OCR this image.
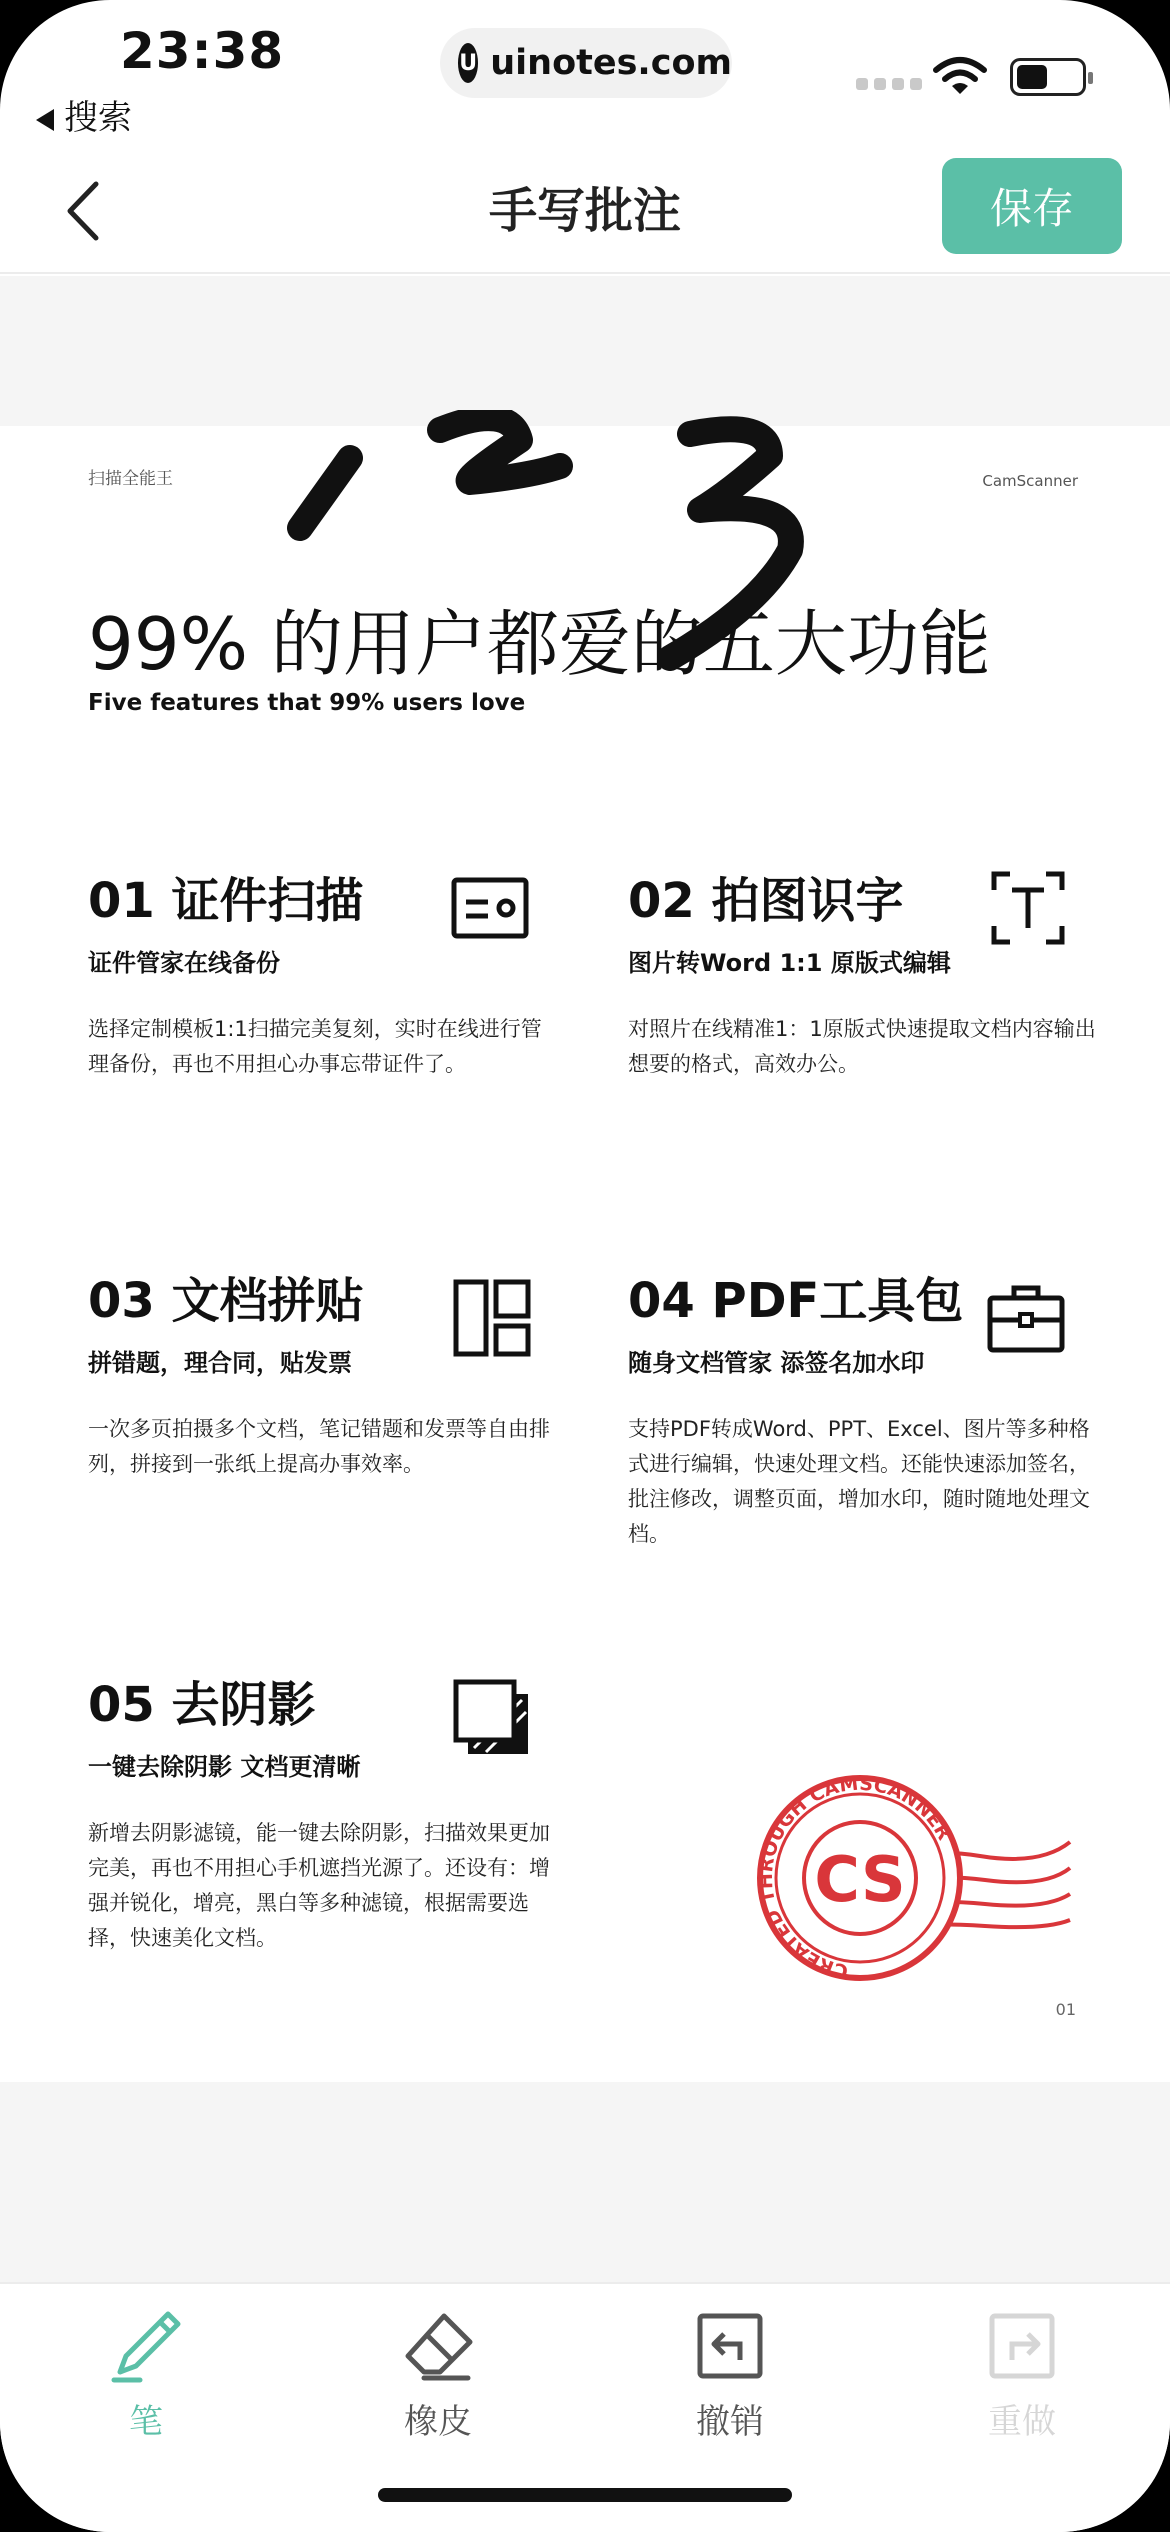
23:38
搜索
U uinotes.com
手写批注	保存
扫描全能王	CamScanner
99% 的用户都爱的五大功能
Five features that 99% users love
01 证件扫描
证件管家在线备份
选择定制模板1:1扫描完美复刻，实时在线进行管理备份，再也不用担心办事忘带证件了。
02 拍图识字
图片转Word 1:1 原版式编辑
对照片在线精准1：1原版式快速提取文档内容输出想要的格式，高效办公。
03 文档拼贴
拼错题，理合同，贴发票
一次多页拍摄多个文档，笔记错题和发票等自由排列，拼接到一张纸上提高办事效率。
04 PDF工具包
随身文档管家 添签名加水印
支持PDF转成Word、PPT、Excel、图片等多种格式进行编辑，快速处理文档。还能快速添加签名，批注修改，调整页面，增加水印，随时随地处理文档。
05 去阴影
一键去除阴影 文档更清晰
新增去阴影滤镜，能一键去除阴影，扫描效果更加完美，再也不用担心手机遮挡光源了。还设有：增强并锐化，增亮，黑白等多种滤镜，根据需要选择，快速美化文档。
CREATED THROUGH CAMSCANNER
CS
01
笔	橡皮	撤销	重做
